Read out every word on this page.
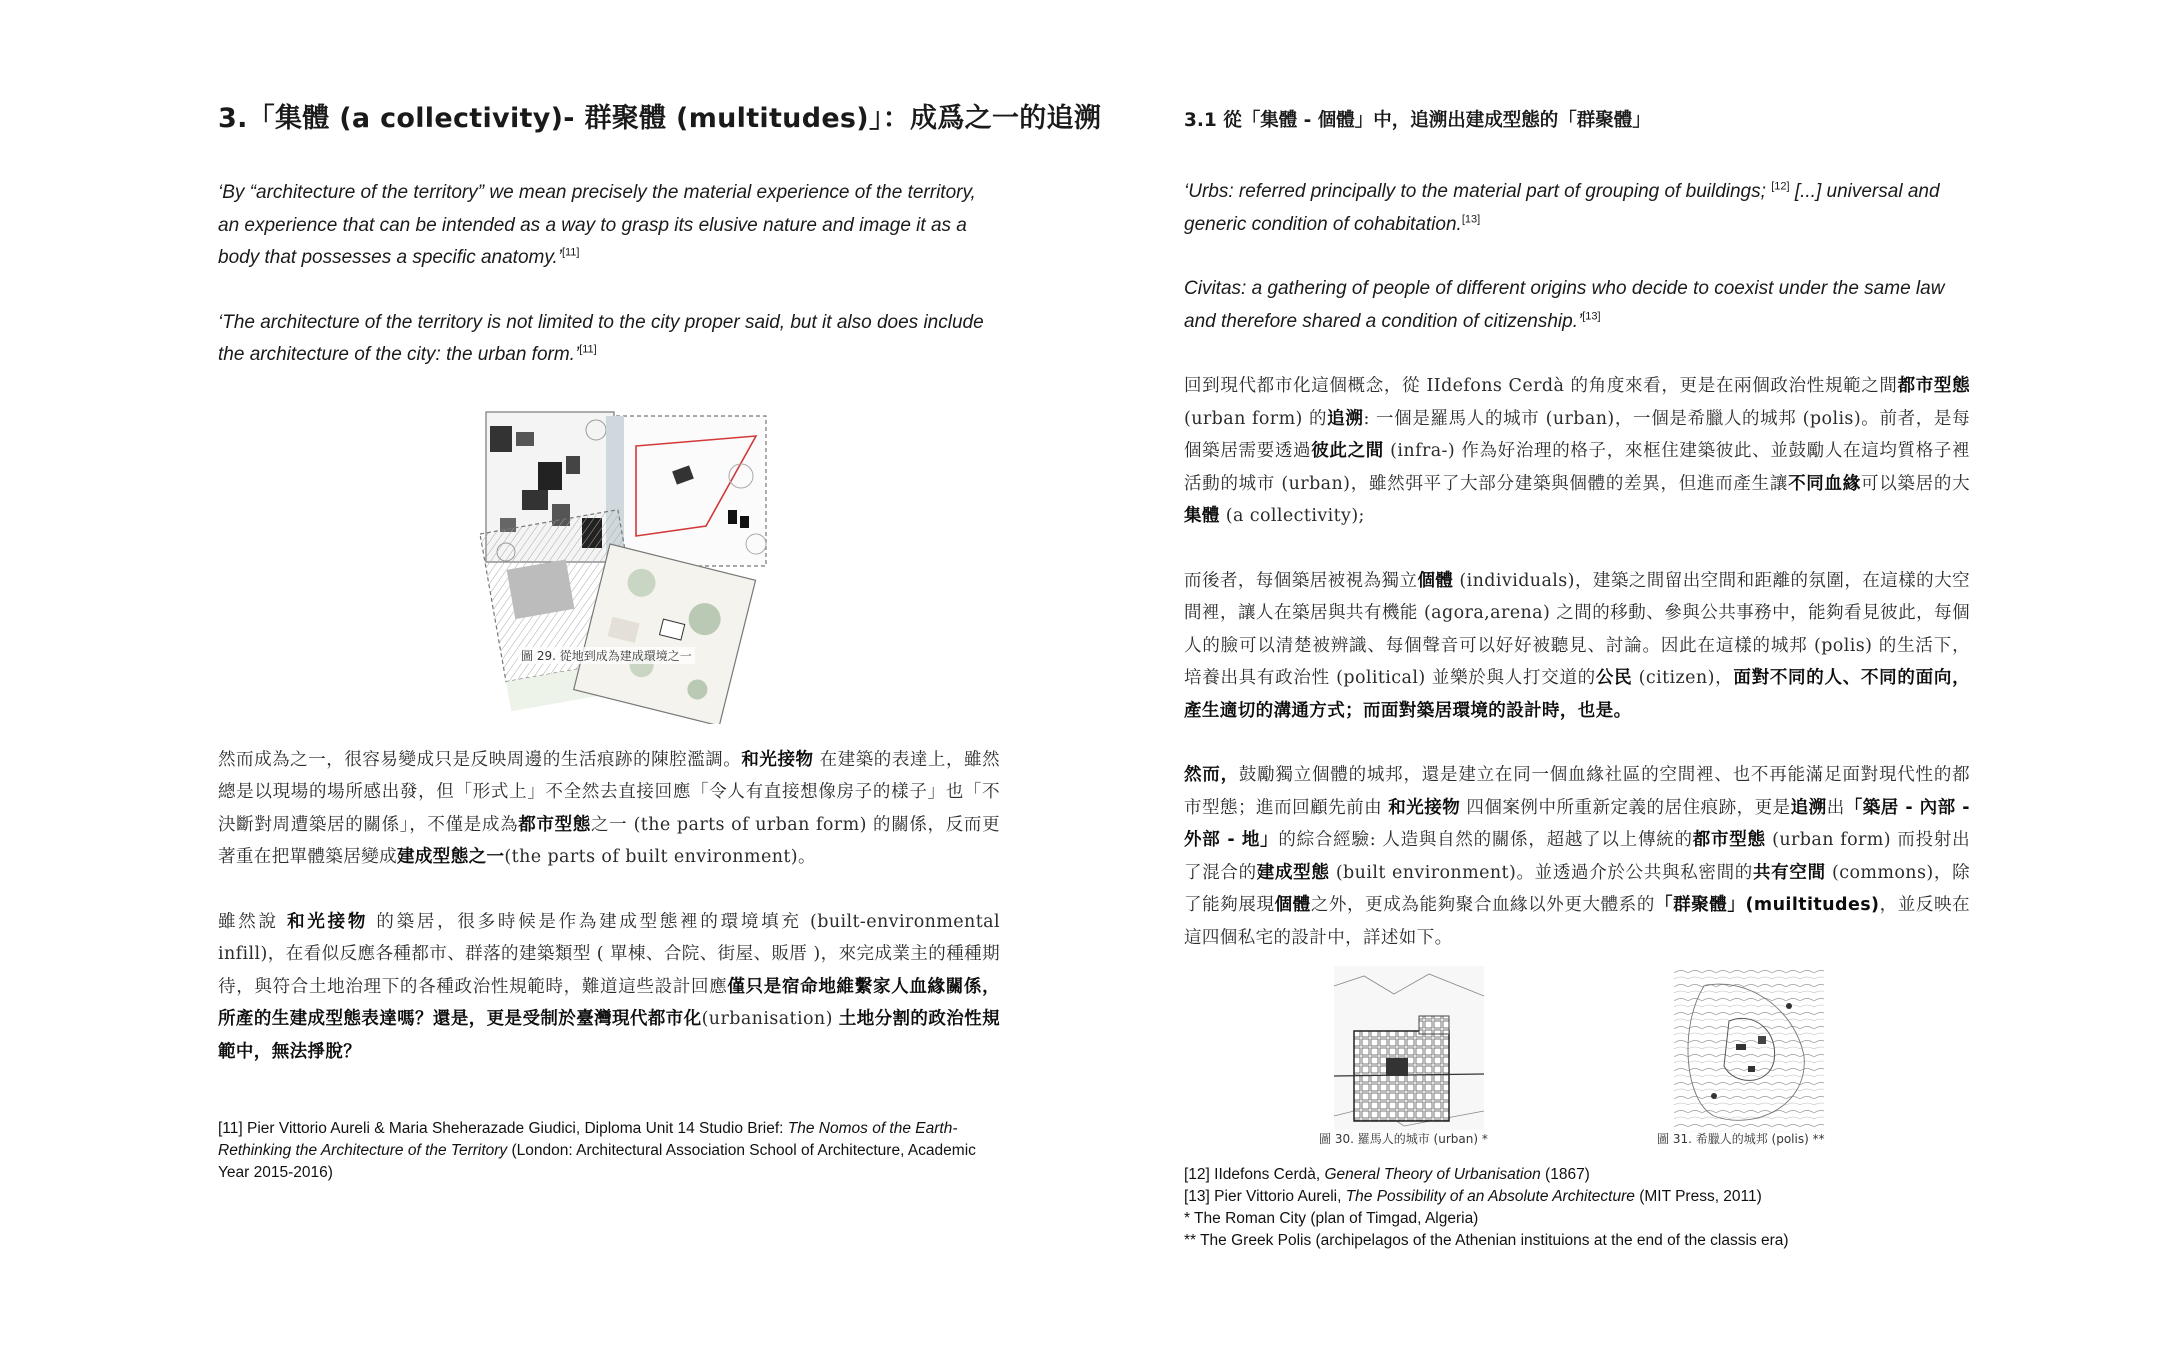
3.「集體 (a collectivity)- 群聚體 (multitudes)」：成爲之一的追溯

‘By “architecture of the territory” we mean precisely the material experience of the territory, an experience that can be intended as a way to grasp its elusive nature and image it as a body that possesses a specific anatomy.’[11]

‘The architecture of the territory is not limited to the city proper said, but it also does include the architecture of the city: the urban form.’[11]

圖 29. 從地到成為建成環境之一

然而成為之一，很容易變成只是反映周邊的生活痕跡的陳腔濫調。和光接物 在建築的表達上，雖然總是以現場的場所感出發，但「形式上」不全然去直接回應「令人有直接想像房子的樣子」也「不決斷對周遭築居的關係」，不僅是成為都市型態之一 (the parts of urban form) 的關係，反而更著重在把單體築居變成建成型態之一(the parts of built environment)。

雖然說 和光接物 的築居，很多時候是作為建成型態裡的環境填充 (built-environmental infill)，在看似反應各種都市、群落的建築類型 ( 單棟、合院、街屋、販厝 )，來完成業主的種種期待，與符合土地治理下的各種政治性規範時，難道這些設計回應僅只是宿命地維繫家人血緣關係，所產的生建成型態表達嗎？還是，更是受制於臺灣現代都市化(urbanisation) 土地分割的政治性規範中，無法掙脫？

[11] Pier Vittorio Aureli & Maria Sheherazade Giudici, Diploma Unit 14 Studio Brief: The Nomos of the Earth-Rethinking the Architecture of the Territory (London: Architectural Association School of Architecture, Academic Year 2015-2016)
3.1 從「集體 - 個體」中，追溯出建成型態的「群聚體」

‘Urbs: referred principally to the material part of grouping of buildings; [12] [...] universal and generic condition of cohabitation.[13]

Civitas: a gathering of people of different origins who decide to coexist under the same law and therefore shared a condition of citizenship.’[13]

回到現代都市化這個概念，從 IIdefons Cerdà 的角度來看，更是在兩個政治性規範之間都市型態 (urban form) 的追溯: 一個是羅馬人的城市 (urban)，一個是希臘人的城邦 (polis)。前者，是每個築居需要透過彼此之間 (infra-) 作為好治理的格子，來框住建築彼此、並鼓勵人在這均質格子裡活動的城市 (urban)，雖然弭平了大部分建築與個體的差異，但進而產生讓不同血緣可以築居的大集體 (a collectivity);

而後者，每個築居被視為獨立個體 (individuals)，建築之間留出空間和距離的氛圍，在這樣的大空間裡，讓人在築居與共有機能 (agora,arena) 之間的移動、參與公共事務中，能夠看見彼此，每個人的臉可以清楚被辨識、每個聲音可以好好被聽見、討論。因此在這樣的城邦 (polis) 的生活下，培養出具有政治性 (political) 並樂於與人打交道的公民 (citizen)，面對不同的人、不同的面向，產生適切的溝通方式；而面對築居環境的設計時，也是。

然而，鼓勵獨立個體的城邦，還是建立在同一個血緣社區的空間裡、也不再能滿足面對現代性的都市型態；進而回顧先前由 和光接物 四個案例中所重新定義的居住痕跡，更是追溯出「築居 - 內部 - 外部 - 地」的綜合經驗: 人造與自然的關係，超越了以上傳統的都市型態 (urban form) 而投射出了混合的建成型態 (built environment)。並透過介於公共與私密間的共有空間 (commons)，除了能夠展現個體之外，更成為能夠聚合血緣以外更大體系的「群聚體」(muiltitudes)，並反映在這四個私宅的設計中，詳述如下。

圖 30. 羅馬人的城市 (urban) *	圖 31. 希臘人的城邦 (polis) **
[12] IIdefons Cerdà, General Theory of Urbanisation (1867)
[13] Pier Vittorio Aureli, The Possibility of an Absolute Architecture (MIT Press, 2011)
* The Roman City (plan of Timgad, Algeria)
** The Greek Polis (archipelagos of the Athenian instituions at the end of the classis era)
